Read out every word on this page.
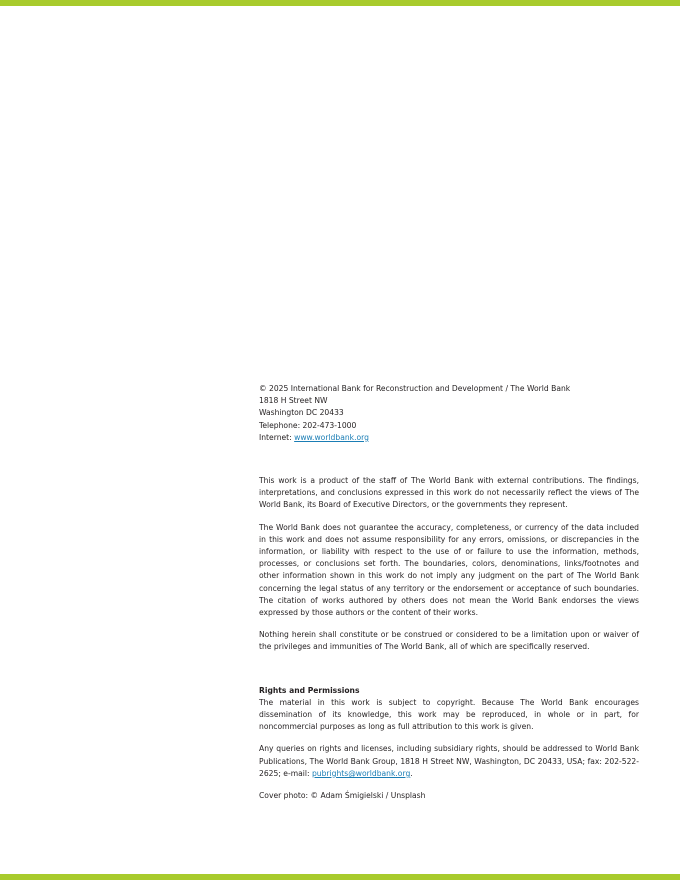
© 2025 International Bank for Reconstruction and Development / The World Bank
1818 H Street NW
Washington DC 20433
Telephone: 202-473-1000
Internet: www.worldbank.org

This work is a product of the staff of The World Bank with external contributions. The findings, interpretations, and conclusions expressed in this work do not necessarily reflect the views of The World Bank, its Board of Executive Directors, or the governments they represent.

The World Bank does not guarantee the accuracy, completeness, or currency of the data included in this work and does not assume responsibility for any errors, omissions, or discrepancies in the information, or liability with respect to the use of or failure to use the information, methods, processes, or conclusions set forth. The boundaries, colors, denominations, links/footnotes and other information shown in this work do not imply any judgment on the part of The World Bank concerning the legal status of any territory or the endorsement or acceptance of such boundaries. The citation of works authored by others does not mean the World Bank endorses the views expressed by those authors or the content of their works.

Nothing herein shall constitute or be construed or considered to be a limitation upon or waiver of the privileges and immunities of The World Bank, all of which are specifically reserved.

Rights and Permissions

The material in this work is subject to copyright. Because The World Bank encourages dissemination of its knowledge, this work may be reproduced, in whole or in part, for noncommercial purposes as long as full attribution to this work is given.

Any queries on rights and licenses, including subsidiary rights, should be addressed to World Bank Publications, The World Bank Group, 1818 H Street NW, Washington, DC 20433, USA; fax: 202-522-2625; e-mail: pubrights@worldbank.org.

Cover photo: © Adam Śmigielski / Unsplash
